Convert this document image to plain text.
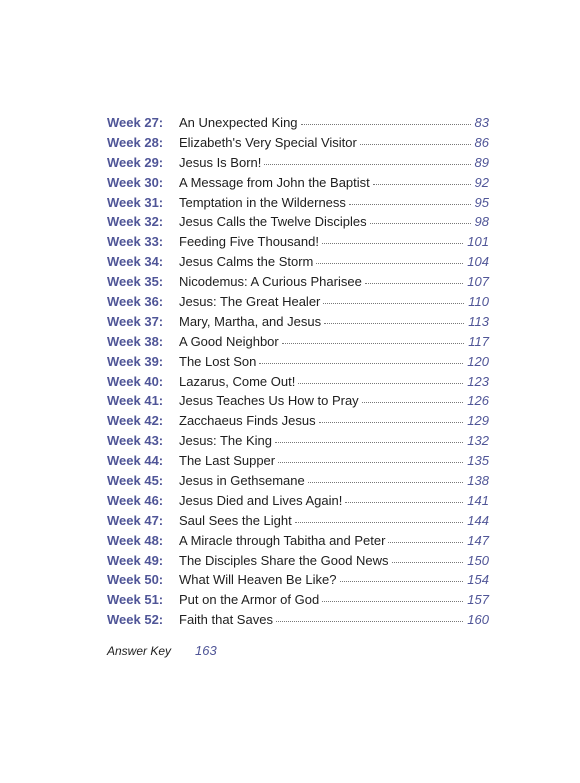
Week 27:	An Unexpected King	83
Week 28:	Elizabeth's Very Special Visitor	86
Week 29:	Jesus Is Born!	89
Week 30:	A Message from John the Baptist	92
Week 31:	Temptation in the Wilderness	95
Week 32:	Jesus Calls the Twelve Disciples	98
Week 33:	Feeding Five Thousand!	101
Week 34:	Jesus Calms the Storm	104
Week 35:	Nicodemus: A Curious Pharisee	107
Week 36:	Jesus: The Great Healer	110
Week 37:	Mary, Martha, and Jesus	113
Week 38:	A Good Neighbor	117
Week 39:	The Lost Son	120
Week 40:	Lazarus, Come Out!	123
Week 41:	Jesus Teaches Us How to Pray	126
Week 42:	Zacchaeus Finds Jesus	129
Week 43:	Jesus: The King	132
Week 44:	The Last Supper	135
Week 45:	Jesus in Gethsemane	138
Week 46:	Jesus Died and Lives Again!	141
Week 47:	Saul Sees the Light	144
Week 48:	A Miracle through Tabitha and Peter	147
Week 49:	The Disciples Share the Good News	150
Week 50:	What Will Heaven Be Like?	154
Week 51:	Put on the Armor of God	157
Week 52:	Faith that Saves	160
Answer Key	163
